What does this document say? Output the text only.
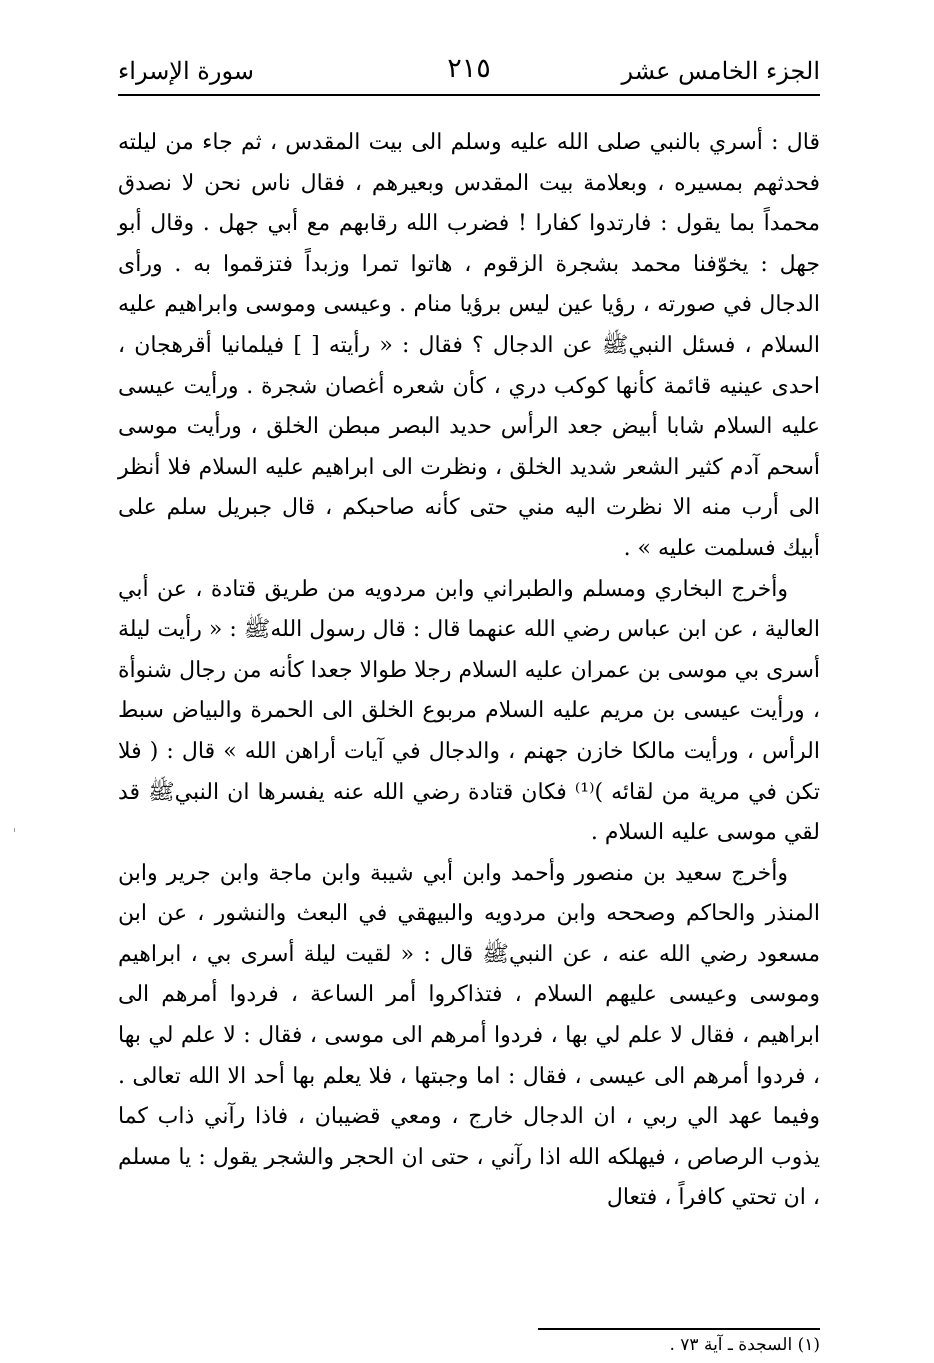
الجزء الخامس عشر
٢١٥
سورة الإسراء

قال : أسري بالنبي صلى الله عليه وسلم الى بيت المقدس ، ثم جاء من ليلته فحدثهم بمسيره ، وبعلامة بيت المقدس وبعيرهم ، فقال ناس نحن لا نصدق محمداً بما يقول : فارتدوا كفارا ! فضرب الله رقابهم مع أبي جهل . وقال أبو جهل : يخوّفنا محمد بشجرة الزقوم ، هاتوا تمرا وزبداً فتزقموا به . ورأى الدجال في صورته ، رؤيا عين ليس برؤيا منام . وعيسى وموسى وابراهيم عليه السلام ، فسئل النبيﷺ عن الدجال ؟ فقال : « رأيته [ ] فيلمانيا أقرهجان ، احدى عينيه قائمة كأنها كوكب دري ، كأن شعره أغصان شجرة . ورأيت عيسى عليه السلام شابا أبيض جعد الرأس حديد البصر مبطن الخلق ، ورأيت موسى أسحم آدم كثير الشعر شديد الخلق ، ونظرت الى ابراهيم عليه السلام فلا أنظر الى أرب منه الا نظرت اليه مني حتى كأنه صاحبكم ، قال جبريل سلم على أبيك فسلمت عليه » .

وأخرج البخاري ومسلم والطبراني وابن مردويه من طريق قتادة ، عن أبي العالية ، عن ابن عباس رضي الله عنهما قال : قال رسول اللهﷺ : « رأيت ليلة أسرى بي موسى بن عمران عليه السلام رجلا طوالا جعدا كأنه من رجال شنوأة ، ورأيت عيسى بن مريم عليه السلام مربوع الخلق الى الحمرة والبياض سبط الرأس ، ورأيت مالكا خازن جهنم ، والدجال في آيات أراهن الله » قال : ( فلا تكن في مرية من لقائه )⁽¹⁾ فكان قتادة رضي الله عنه يفسرها ان النبيﷺ قد لقي موسى عليه السلام .

وأخرج سعيد بن منصور وأحمد وابن أبي شيبة وابن ماجة وابن جرير وابن المنذر والحاكم وصححه وابن مردويه والبيهقي في البعث والنشور ، عن ابن مسعود رضي الله عنه ، عن النبيﷺ قال : « لقيت ليلة أسرى بي ، ابراهيم وموسى وعيسى عليهم السلام ، فتذاكروا أمر الساعة ، فردوا أمرهم الى ابراهيم ، فقال لا علم لي بها ، فردوا أمرهم الى موسى ، فقال : لا علم لي بها ، فردوا أمرهم الى عيسى ، فقال : اما وجبتها ، فلا يعلم بها أحد الا الله تعالى . وفيما عهد الي ربي ، ان الدجال خارج ، ومعي قضيبان ، فاذا رآني ذاب كما يذوب الرصاص ، فيهلكه الله اذا رآني ، حتى ان الحجر والشجر يقول : يا مسلم ، ان تحتي كافراً ، فتعال

(١) السجدة ـ آية ٧٣ .
